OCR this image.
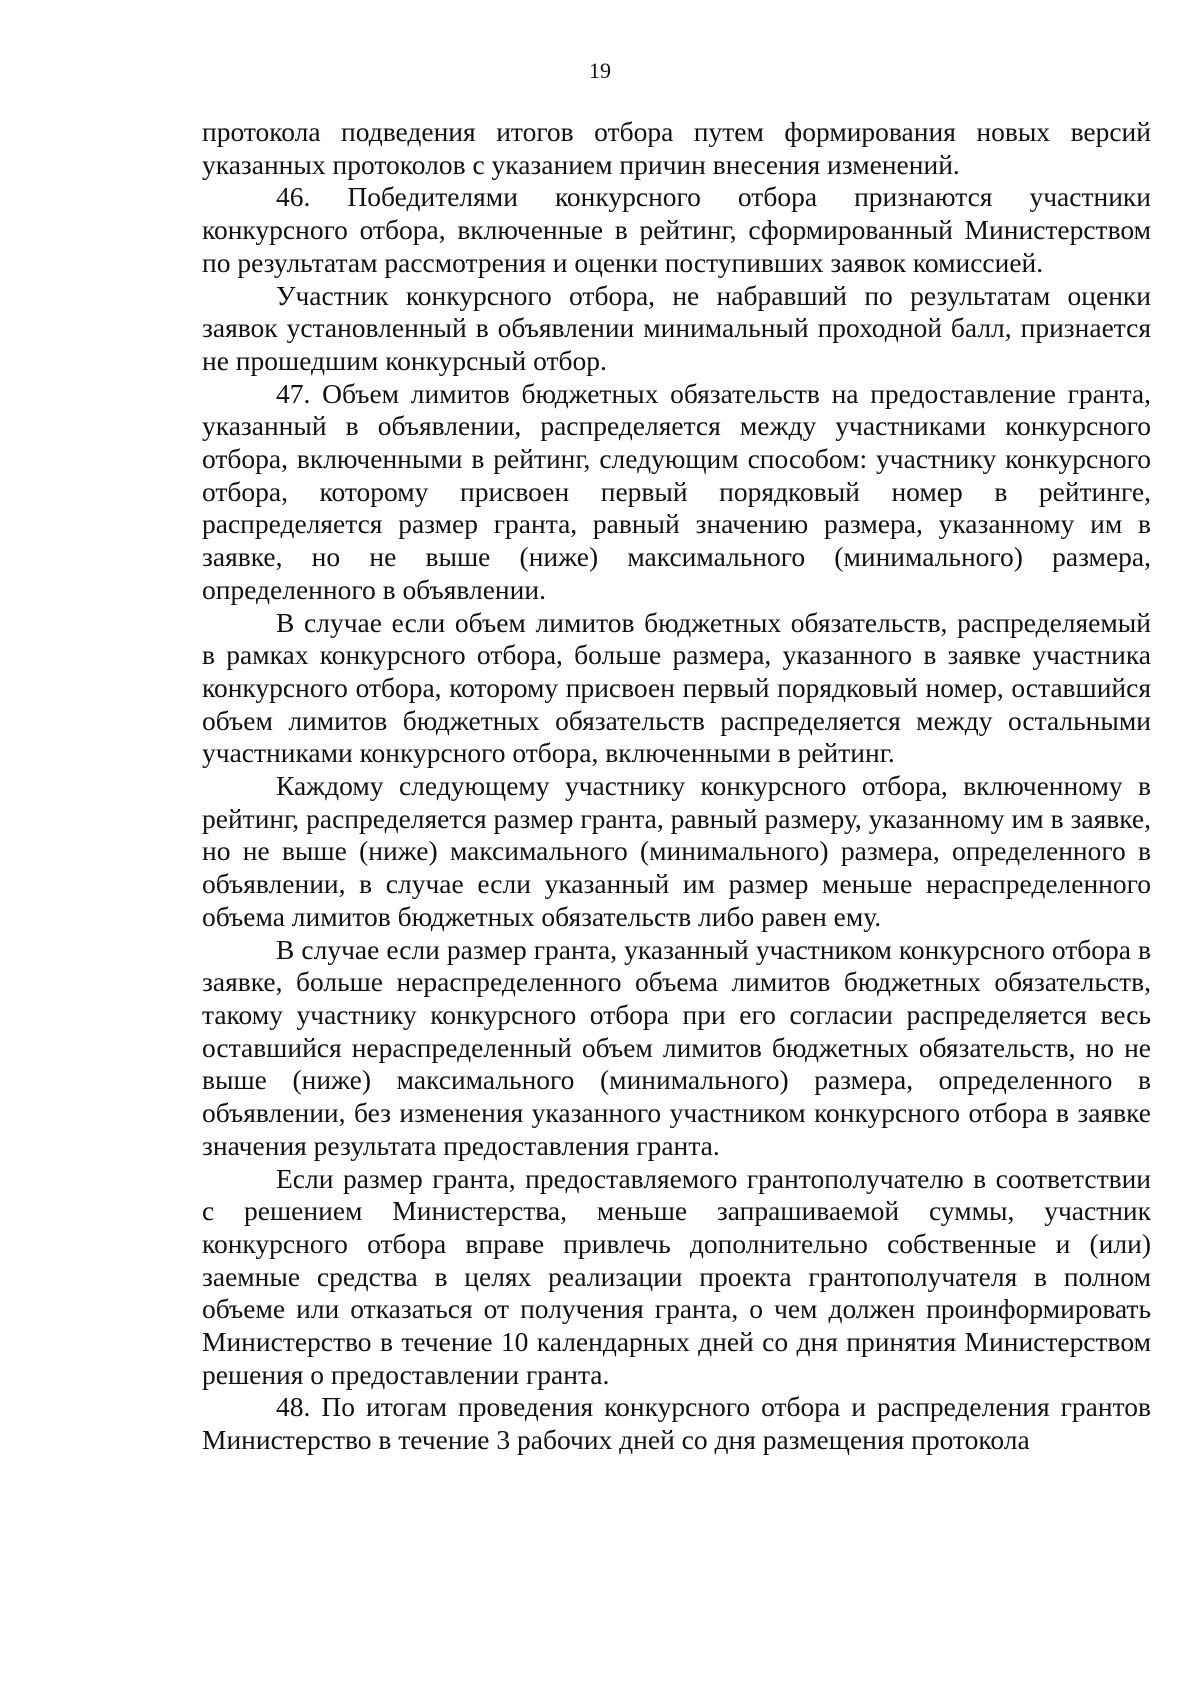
19

протокола подведения итогов отбора путем формирования новых версий указанных протоколов с указанием причин внесения изменений.

46. Победителями конкурсного отбора признаются участники конкурсного отбора, включенные в рейтинг, сформированный Министерством по результатам рассмотрения и оценки поступивших заявок комиссией.

Участник конкурсного отбора, не набравший по результатам оценки заявок установленный в объявлении минимальный проходной балл, признается не прошедшим конкурсный отбор.

47. Объем лимитов бюджетных обязательств на предоставление гранта, указанный в объявлении, распределяется между участниками конкурсного отбора, включенными в рейтинг, следующим способом: участнику конкурсного отбора, которому присвоен первый порядковый номер в рейтинге, распределяется размер гранта, равный значению размера, указанному им в заявке, но не выше (ниже) максимального (минимального) размера, определенного в объявлении.

В случае если объем лимитов бюджетных обязательств, распределяемый в рамках конкурсного отбора, больше размера, указанного в заявке участника конкурсного отбора, которому присвоен первый порядковый номер, оставшийся объем лимитов бюджетных обязательств распределяется между остальными участниками конкурсного отбора, включенными в рейтинг.

Каждому следующему участнику конкурсного отбора, включенному в рейтинг, распределяется размер гранта, равный размеру, указанному им в заявке, но не выше (ниже) максимального (минимального) размера, определенного в объявлении, в случае если указанный им размер меньше нераспределенного объема лимитов бюджетных обязательств либо равен ему.

В случае если размер гранта, указанный участником конкурсного отбора в заявке, больше нераспределенного объема лимитов бюджетных обязательств, такому участнику конкурсного отбора при его согласии распределяется весь оставшийся нераспределенный объем лимитов бюджетных обязательств, но не выше (ниже) максимального (минимального) размера, определенного в объявлении, без изменения указанного участником конкурсного отбора в заявке значения результата предоставления гранта.

Если размер гранта, предоставляемого грантополучателю в соответствии с решением Министерства, меньше запрашиваемой суммы, участник конкурсного отбора вправе привлечь дополнительно собственные и (или) заемные средства в целях реализации проекта грантополучателя в полном объеме или отказаться от получения гранта, о чем должен проинформировать Министерство в течение 10 календарных дней со дня принятия Министерством решения о предоставлении гранта.

48. По итогам проведения конкурсного отбора и распределения грантов Министерство в течение 3 рабочих дней со дня размещения протокола
